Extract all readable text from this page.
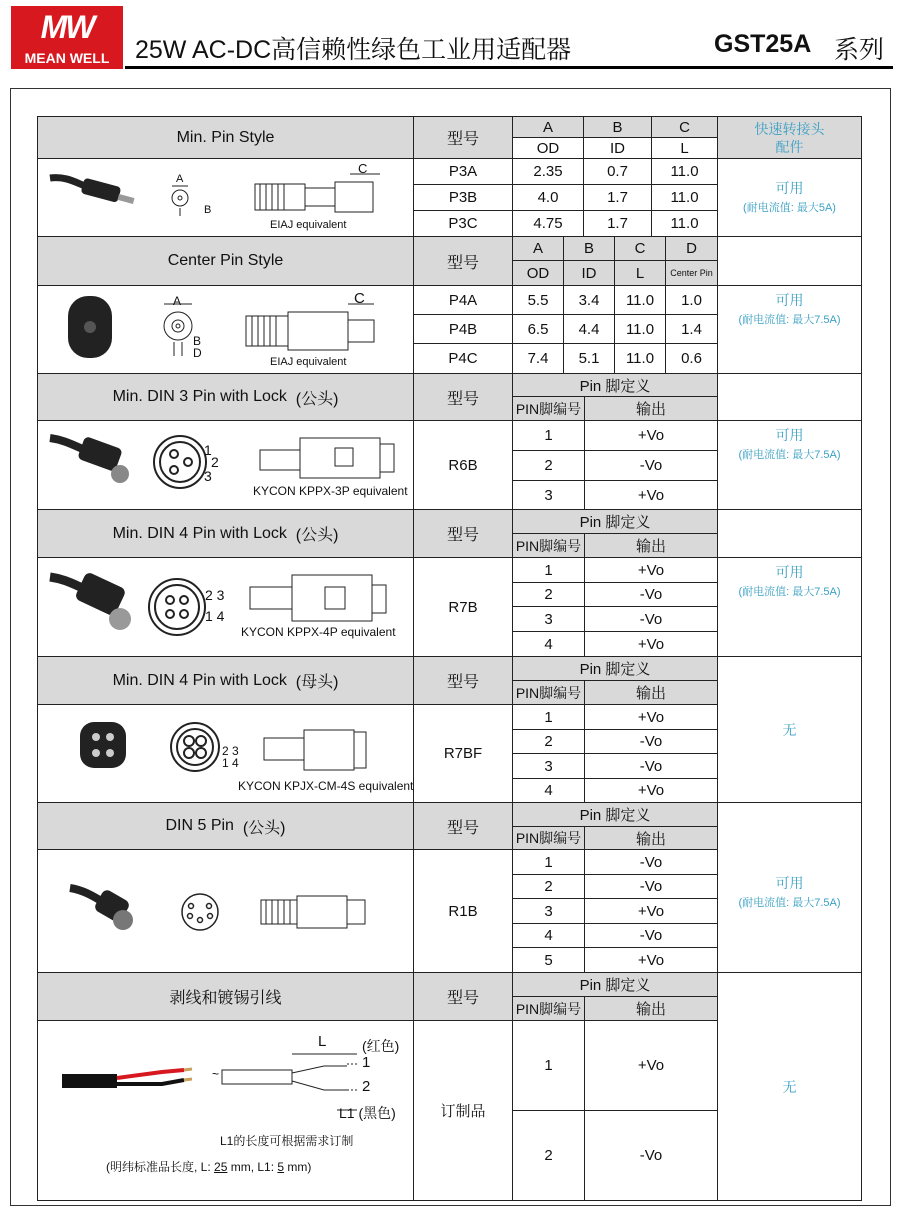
MW
MEAN WELL	25W AC-DC高信赖性绿色工业用适配器	GST25A 系列
Min. Pin Style	型号
A	B	C
OD	ID	L
快速转接头
配件
P3A	2.35	0.7	11.0
P3B	4.0	1.7	11.0
P3C	4.75	1.7	11.0
可用
(耐电流值: 最大5A)
A
B
C
EIAJ equivalent
Center Pin Style	型号
A	B	C	D
OD ID	L	Center Pin
P4A	5.5 3.4 11.0 1.0
P4B	6.5 4.4 11.0 1.4
P4C	7.4 5.1 11.0 0.6
可用
(耐电流值: 最大7.5A)
A
B
D
C
EIAJ equivalent
Min. DIN 3 Pin with Lock
(公头)	型号
Pin 脚定义
PIN脚编号	输出
R6B
1	+Vo
2	-Vo
3	+Vo
可用
(耐电流值: 最大7.5A)
1
2
3
KYCON KPPX-3P equivalent
Min. DIN 4 Pin with Lock
(公头)	型号
Pin 脚定义
PIN脚编号	输出
R7B
1	+Vo
2	-Vo
3	-Vo
4	+Vo
可用
(耐电流值: 最大7.5A)
2 3
1 4
KYCON KPPX-4P equivalent
Min. DIN 4 Pin with Lock
(母头)	型号
Pin 脚定义
PIN脚编号	输出
R7BF
1	+Vo
2	-Vo
3	-Vo
4	+Vo
无
2 3
1 4
KYCON KPJX-CM-4S equivalent
DIN 5 Pin
(公头)	型号
Pin 脚定义
PIN脚编号	输出
R1B
1	-Vo
2	-Vo
3	+Vo
4	-Vo
5	+Vo
可用
(耐电流值: 最大7.5A)
剥线和镀锡引线	型号
Pin 脚定义
PIN脚编号	输出
订制品
1	+Vo
2	-Vo
无
~
L	(红色)
1
2
L1 (黑色)
L1的长度可根据需求订制
(明纬标准品长度, L: 25 mm, L1: 5 mm)
